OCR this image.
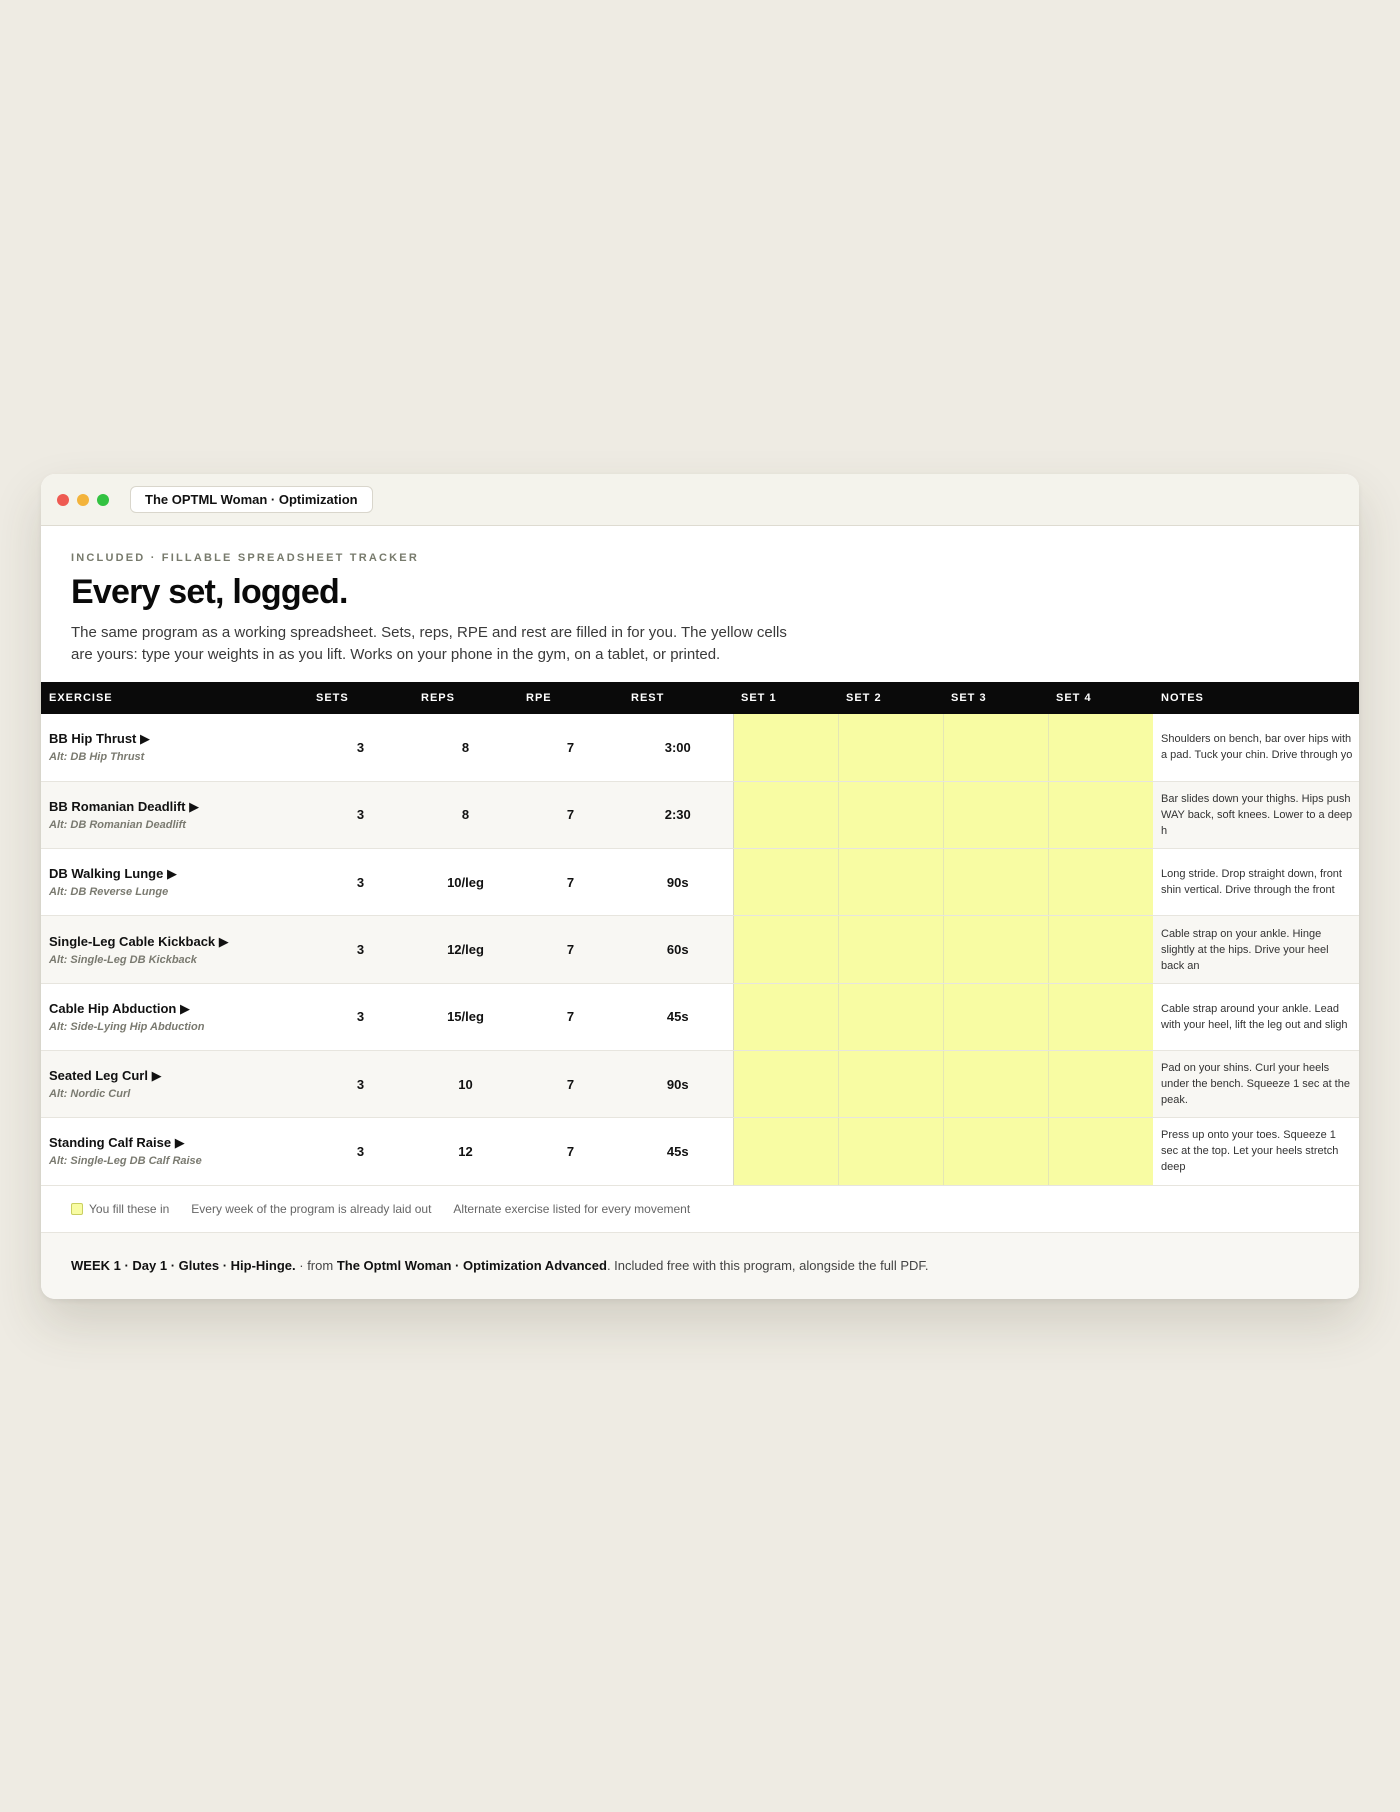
The OPTML Woman · Optimization
INCLUDED · FILLABLE SPREADSHEET TRACKER
Every set, logged.

The same program as a working spreadsheet. Sets, reps, RPE and rest are filled in for you. The yellow cells are yours: type your weights in as you lift. Works on your phone in the gym, on a tablet, or printed.

EXERCISE	SETS	REPS	RPE	REST	SET 1	SET 2	SET 3	SET 4	NOTES

BB Hip Thrust ▶
Alt: DB Hip Thrust	3	8	7	3:00					Shoulders on bench, bar over hips with a pad. Tuck your chin. Drive through yo

BB Romanian Deadlift ▶
Alt: DB Romanian Deadlift	3	8	7	2:30					Bar slides down your thighs. Hips push WAY back, soft knees. Lower to a deep h

DB Walking Lunge ▶
Alt: DB Reverse Lunge	3	10/leg	7	90s					Long stride. Drop straight down, front shin vertical. Drive through the front

Single-Leg Cable Kickback ▶
Alt: Single-Leg DB Kickback	3	12/leg	7	60s					Cable strap on your ankle. Hinge slightly at the hips. Drive your heel back an

Cable Hip Abduction ▶
Alt: Side-Lying Hip Abduction	3	15/leg	7	45s					Cable strap around your ankle. Lead with your heel, lift the leg out and sligh

Seated Leg Curl ▶
Alt: Nordic Curl	3	10	7	90s					Pad on your shins. Curl your heels under the bench. Squeeze 1 sec at the peak.

Standing Calf Raise ▶
Alt: Single-Leg DB Calf Raise	3	12	7	45s					Press up onto your toes. Squeeze 1 sec at the top. Let your heels stretch deep
You fill these in Every week of the program is already laid out Alternate exercise listed for every movement
WEEK 1 · Day 1 · Glutes · Hip-Hinge. · from The Optml Woman · Optimization Advanced. Included free with this program, alongside the full PDF.
